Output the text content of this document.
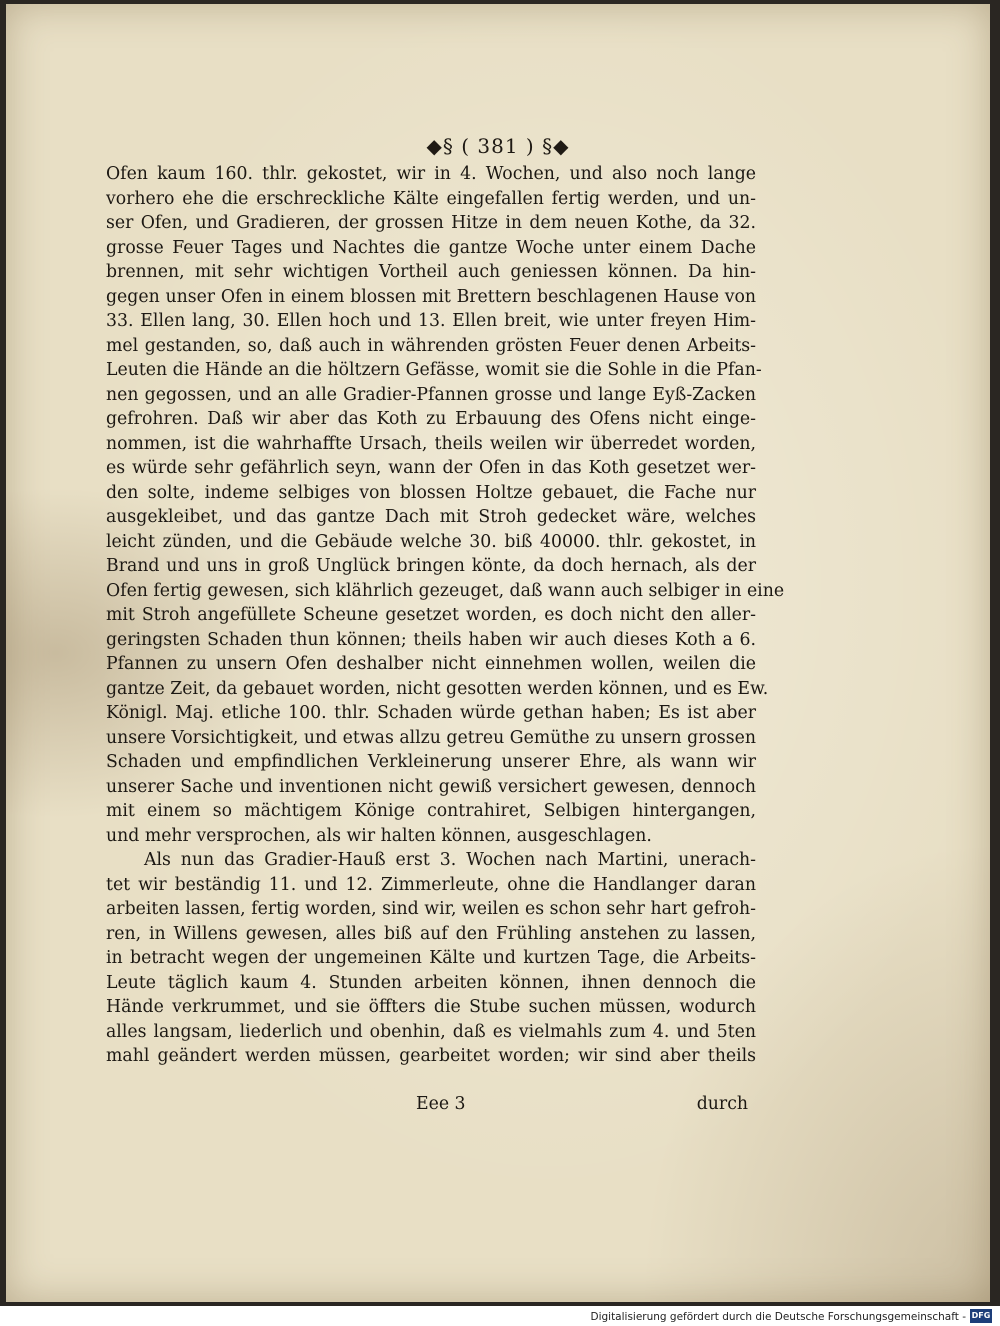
◆§ ( 381 ) §◆
Ofen kaum 160. thlr. gekostet, wir in 4. Wochen, und also noch lange
vorhero ehe die erschreckliche Kälte eingefallen fertig werden, und un-
ser Ofen, und Gradieren, der grossen Hitze in dem neuen Kothe, da 32.
grosse Feuer Tages und Nachtes die gantze Woche unter einem Dache
brennen, mit sehr wichtigen Vortheil auch geniessen können. Da hin-
gegen unser Ofen in einem blossen mit Brettern beschlagenen Hause von
33. Ellen lang, 30. Ellen hoch und 13. Ellen breit, wie unter freyen Him-
mel gestanden, so, daß auch in währenden grösten Feuer denen Arbeits-
Leuten die Hände an die höltzern Gefässe, womit sie die Sohle in die Pfan-
nen gegossen, und an alle Gradier-Pfannen grosse und lange Eyß-Zacken
gefrohren. Daß wir aber das Koth zu Erbauung des Ofens nicht einge-
nommen, ist die wahrhaffte Ursach, theils weilen wir überredet worden,
es würde sehr gefährlich seyn, wann der Ofen in das Koth gesetzet wer-
den solte, indeme selbiges von blossen Holtze gebauet, die Fache nur
ausgekleibet, und das gantze Dach mit Stroh gedecket wäre, welches
leicht zünden, und die Gebäude welche 30. biß 40000. thlr. gekostet, in
Brand und uns in groß Unglück bringen könte, da doch hernach, als der
Ofen fertig gewesen, sich klährlich gezeuget, daß wann auch selbiger in eine
mit Stroh angefüllete Scheune gesetzet worden, es doch nicht den aller-
geringsten Schaden thun können; theils haben wir auch dieses Koth a 6.
Pfannen zu unsern Ofen deshalber nicht einnehmen wollen, weilen die
gantze Zeit, da gebauet worden, nicht gesotten werden können, und es Ew.
Königl. Maj. etliche 100. thlr. Schaden würde gethan haben; Es ist aber
unsere Vorsichtigkeit, und etwas allzu getreu Gemüthe zu unsern grossen
Schaden und empfindlichen Verkleinerung unserer Ehre, als wann wir
unserer Sache und inventionen nicht gewiß versichert gewesen, dennoch
mit einem so mächtigem Könige contrahiret, Selbigen hintergangen,
und mehr versprochen, als wir halten können, ausgeschlagen.
Als nun das Gradier-Hauß erst 3. Wochen nach Martini, unerach-
tet wir beständig 11. und 12. Zimmerleute, ohne die Handlanger daran
arbeiten lassen, fertig worden, sind wir, weilen es schon sehr hart gefroh-
ren, in Willens gewesen, alles biß auf den Frühling anstehen zu lassen,
in betracht wegen der ungemeinen Kälte und kurtzen Tage, die Arbeits-
Leute täglich kaum 4. Stunden arbeiten können, ihnen dennoch die
Hände verkrummet, und sie öffters die Stube suchen müssen, wodurch
alles langsam, liederlich und obenhin, daß es vielmahls zum 4. und 5ten
mahl geändert werden müssen, gearbeitet worden; wir sind aber theils
Eee 3	durch
Digitalisierung gefördert durch die Deutsche Forschungsgemeinschaft - DFG
